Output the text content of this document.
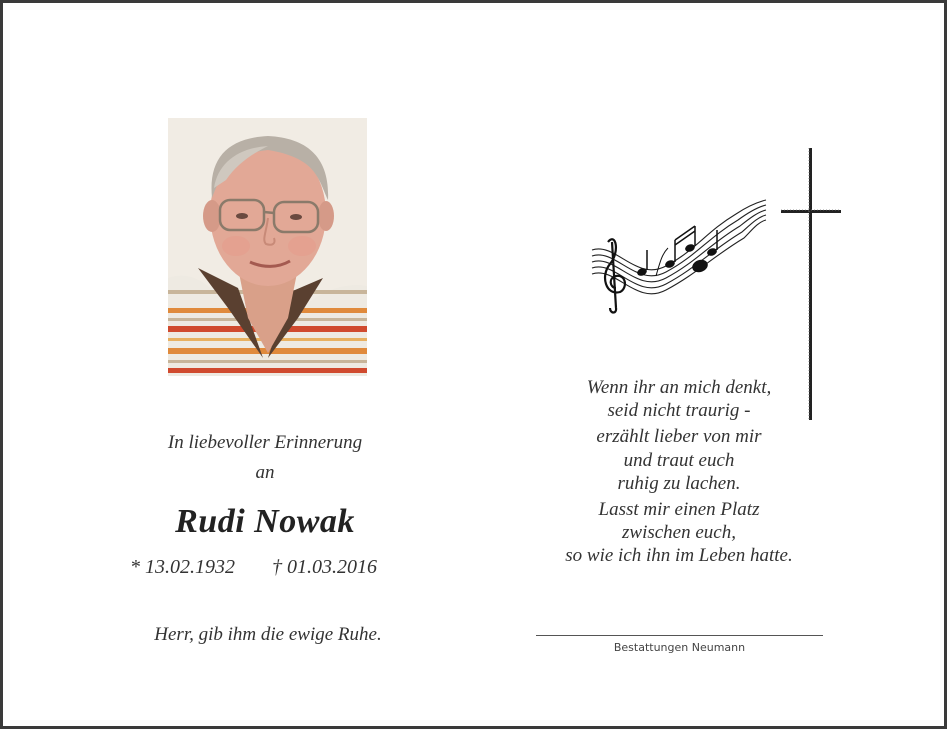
In liebevoller Erinnerung
an
Rudi Nowak
* 13.02.1932 † 01.03.2016
Herr, gib ihm die ewige Ruhe.

Wenn ihr an mich denkt,
seid nicht traurig -

erzählt lieber von mir
und traut euch
ruhig zu lachen.

Lasst mir einen Platz
zwischen euch,
so wie ich ihn im Leben hatte.

Bestattungen Neumann
